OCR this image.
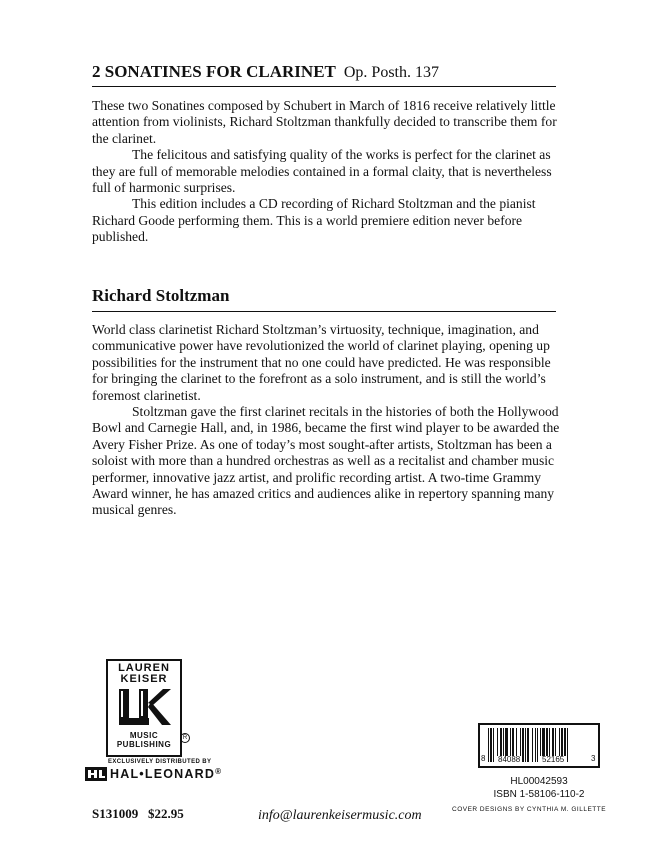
2 SONATINES FOR CLARINET Op. Posth. 137

These two Sonatines composed by Schubert in March of 1816 receive relatively little attention from violinists, Richard Stoltzman thankfully decided to transcribe them for the clarinet.

The felicitous and satisfying quality of the works is perfect for the clarinet as they are full of memorable melodies contained in a formal claity, that is nevertheless full of harmonic surprises.

This edition includes a CD recording of Richard Stoltzman and the pianist Richard Goode performing them. This is a world premiere edition never before published.

Richard Stoltzman

World class clarinetist Richard Stoltzman’s virtuosity, technique, imagination, and communicative power have revolutionized the world of clarinet playing, opening up possibilities for the instrument that no one could have predicted. He was responsible for bringing the clarinet to the forefront as a solo instrument, and is still the world’s foremost clarinetist.

Stoltzman gave the first clarinet recitals in the histories of both the Hollywood Bowl and Carnegie Hall, and, in 1986, became the first wind player to be awarded the Avery Fisher Prize. As one of today’s most sought-after artists, Stoltzman has been a soloist with more than a hundred orchestras as well as a recitalist and chamber music performer, innovative jazz artist, and prolific recording artist. A two-time Grammy Award winner, he has amazed critics and audiences alike in repertory spanning many musical genres.

LAUREN
KEISER
MUSIC
PUBLISHING
R
EXCLUSIVELY DISTRIBUTED BY
HAL•LEONARD®
S131009 $22.95	info@laurenkeisermusic.com
8 84088	52165	3
HL00042593
ISBN 1-58106-110-2
COVER DESIGNS BY CYNTHIA M. GILLETTE
